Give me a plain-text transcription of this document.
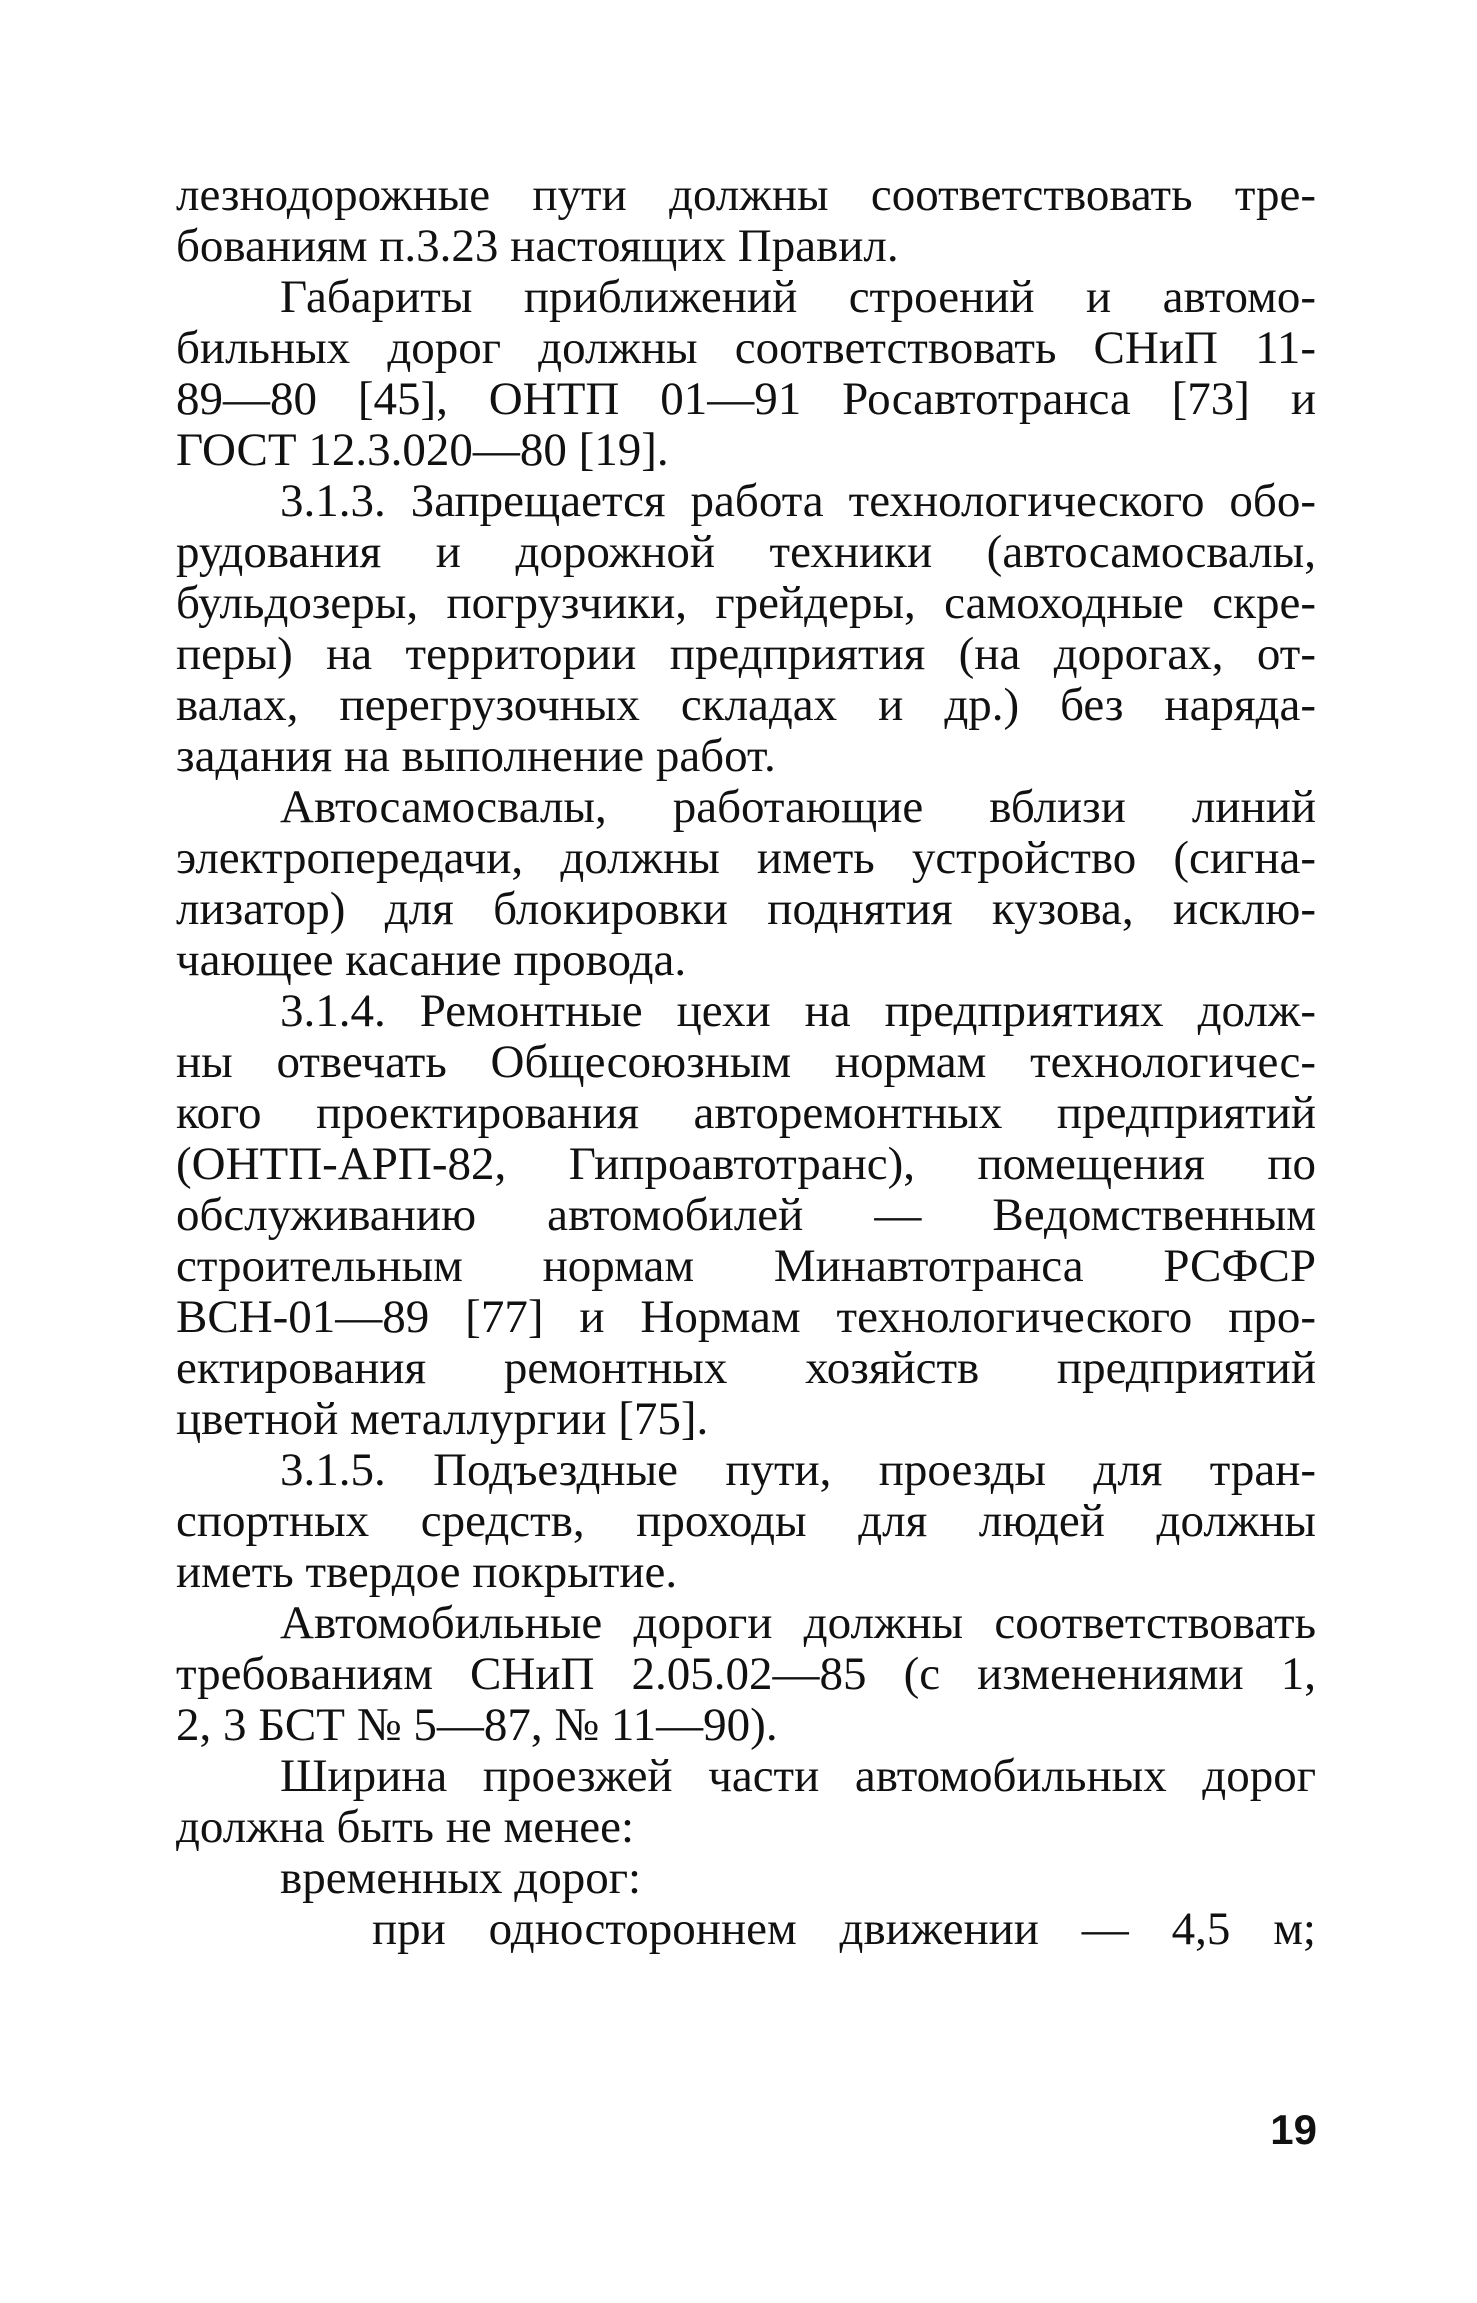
лезнодорожные пути должны соответствовать тре-
бованиям п.3.23 настоящих Правил.
Габариты приближений строений и автомо-
бильных дорог должны соответствовать СНиП 11-
89—80 [45], ОНТП 01—91 Росавтотранса [73] и
ГОСТ 12.3.020—80 [19].
3.1.3. Запрещается работа технологического обо-
рудования и дорожной техники (автосамосвалы,
бульдозеры, погрузчики, грейдеры, самоходные скре-
перы) на территории предприятия (на дорогах, от-
валах, перегрузочных складах и др.) без наряда-
задания на выполнение работ.
Автосамосвалы, работающие вблизи линий
электропередачи, должны иметь устройство (сигна-
лизатор) для блокировки поднятия кузова, исклю-
чающее касание провода.
3.1.4. Ремонтные цехи на предприятиях долж-
ны отвечать Общесоюзным нормам технологичес-
кого проектирования авторемонтных предприятий
(ОНТП-АРП-82, Гипроавтотранс), помещения по
обслуживанию автомобилей — Ведомственным
строительным нормам Минавтотранса РСФСР
ВСН-01—89 [77] и Нормам технологического про-
ектирования ремонтных хозяйств предприятий
цветной металлургии [75].
3.1.5. Подъездные пути, проезды для тран-
спортных средств, проходы для людей должны
иметь твердое покрытие.
Автомобильные дороги должны соответствовать
требованиям СНиП 2.05.02—85 (с изменениями 1,
2, 3 БСТ № 5—87, № 11—90).
Ширина проезжей части автомобильных дорог
должна быть не менее:
временных дорог:
при одностороннем движении — 4,5 м;
19
